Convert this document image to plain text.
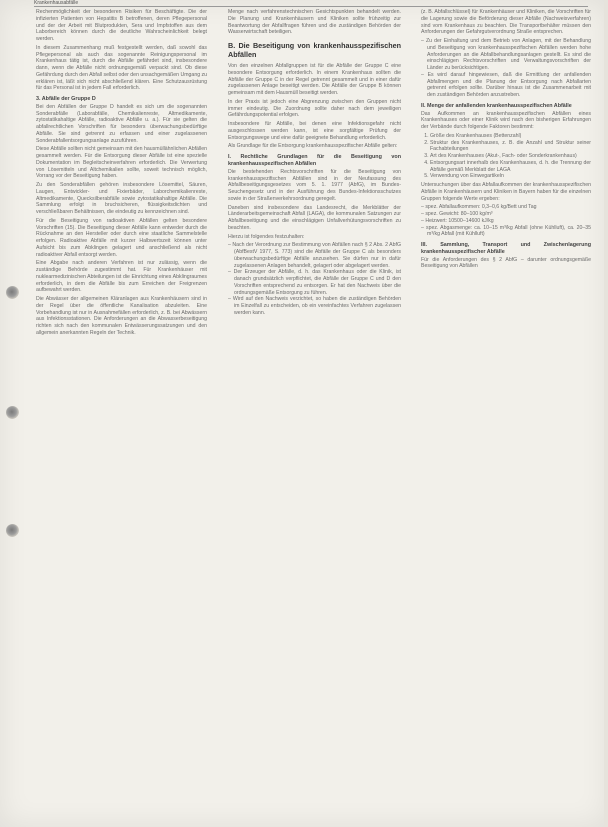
Krankenhausabfälle

Rechenmöglichkeit der besonderen Risiken für Beschäftigte. Die der infizierten Patienten von Hepatitis B betroffenen, deren Pflegepersonal und der der Arbeit mit Blutprodukten, Sera und Impfstoffen aus dem Laborbereich können durch die deutliche Wahrscheinlichkeit belegt werden.

In diesem Zusammenhang muß festgestellt werden, daß sowohl das Pflegepersonal als auch das sogenannte Reinigungspersonal im Krankenhaus tätig ist, durch die Abfälle gefährdet sind, insbesondere dann, wenn die Abfälle nicht ordnungsgemäß verpackt sind. Ob diese Gefährdung durch den Abfall selbst oder den unsachgemäßen Umgang zu erklären ist, läßt sich nicht abschließend klären. Eine Schutzausrüstung für das Personal ist in jedem Fall erforderlich.

3. Abfälle der Gruppe D

Bei den Abfällen der Gruppe D handelt es sich um die sogenannten Sonderabfälle (Laborabfälle, Chemikalienreste, Altmedikamente, zytostatikahaltige Abfälle, radioaktive Abfälle u. a.). Für sie gelten die abfallrechtlichen Vorschriften für besonders überwachungsbedürftige Abfälle. Sie sind getrennt zu erfassen und einer zugelassenen Sonderabfallentsorgungsanlage zuzuführen.

Diese Abfälle sollten nicht gemeinsam mit den hausmüllähnlichen Abfällen gesammelt werden. Für die Entsorgung dieser Abfälle ist eine spezielle Dokumentation im Begleitscheinverfahren erforderlich. Die Verwertung von Lösemitteln und Altchemikalien sollte, soweit technisch möglich, Vorrang vor der Beseitigung haben.

Zu den Sonderabfällen gehören insbesondere Lösemittel, Säuren, Laugen, Entwickler- und Fixierbäder, Laborchemikalienreste, Altmedikamente, Quecksilberabfälle sowie zytostatikahaltige Abfälle. Die Sammlung erfolgt in bruchsicheren, flüssigkeitsdichten und verschließbaren Behältnissen, die eindeutig zu kennzeichnen sind.

Für die Beseitigung von radioaktiven Abfällen gelten besondere Vorschriften (15). Die Beseitigung dieser Abfälle kann entweder durch die Rücknahme an den Hersteller oder durch eine staatliche Sammelstelle erfolgen. Radioaktive Abfälle mit kurzer Halbwertszeit können unter Aufsicht bis zum Abklingen gelagert und anschließend als nicht radioaktiver Abfall entsorgt werden.

Eine Abgabe nach anderen Verfahren ist nur zulässig, wenn die zuständige Behörde zugestimmt hat. Für Krankenhäuser mit nuklearmedizinischen Abteilungen ist die Einrichtung eines Abklingraumes erforderlich, in dem die Abfälle bis zum Erreichen der Freigrenzen aufbewahrt werden.

Die Abwässer der allgemeinen Kläranlagen aus Krankenhäusern sind in der Regel über die öffentliche Kanalisation abzuleiten. Eine Vorbehandlung ist nur in Ausnahmefällen erforderlich, z. B. bei Abwässern aus Infektionsstationen. Die Anforderungen an die Abwasserbeseitigung richten sich nach den kommunalen Entwässerungssatzungen und den allgemein anerkannten Regeln der Technik.

Menge nach verfahrenstechnischen Gesichtspunkten behandelt werden. Die Planung und Krankenhäusern und Kliniken sollte frühzeitig zur Beantwortung der Abfallfragen führen und die zuständigen Behörden der Wasserwirtschaft beteiligen.

B. Die Beseitigung von krankenhausspezifischen Abfällen

Von den einzelnen Abfallgruppen ist für die Abfälle der Gruppe C eine besondere Entsorgung erforderlich. In einem Krankenhaus sollten die Abfälle der Gruppe C in der Regel getrennt gesammelt und in einer dafür zugelassenen Anlage beseitigt werden. Die Abfälle der Gruppe B können gemeinsam mit dem Hausmüll beseitigt werden.

In der Praxis ist jedoch eine Abgrenzung zwischen den Gruppen nicht immer eindeutig. Die Zuordnung sollte daher nach dem jeweiligen Gefährdungspotential erfolgen.

Insbesondere für Abfälle, bei denen eine Infektionsgefahr nicht ausgeschlossen werden kann, ist eine sorgfältige Prüfung der Entsorgungswege und eine dafür geeignete Behandlung erforderlich.

Als Grundlage für die Entsorgung krankenhausspezifischer Abfälle gelten:

I. Rechtliche Grundlagen für die Beseitigung von krankenhausspezifischen Abfällen

Die bestehenden Rechtsvorschriften für die Beseitigung von krankenhausspezifischen Abfällen sind in der Neufassung des Abfallbeseitigungsgesetzes vom 5. 1. 1977 (AbfG), im Bundes-Seuchengesetz und in der Ausführung des Bundes-Infektionsschutzes sowie in der Straßenverkehrsordnung geregelt.

Daneben sind insbesondere das Landesrecht, die Merkblätter der Länderarbeitsgemeinschaft Abfall (LAGA), die kommunalen Satzungen zur Abfallbeseitigung und die einschlägigen Unfallverhütungsvorschriften zu beachten.

Hierzu ist folgendes festzuhalten:

– Nach der Verordnung zur Bestimmung von Abfällen nach § 2 Abs. 2 AbfG (AbfBestV 1977, S. 773) sind die Abfälle der Gruppe C als besonders überwachungsbedürftige Abfälle anzusehen. Sie dürfen nur in dafür zugelassenen Anlagen behandelt, gelagert oder abgelagert werden.
– Der Erzeuger der Abfälle, d. h. das Krankenhaus oder die Klinik, ist danach grundsätzlich verpflichtet, die Abfälle der Gruppe C und D den Vorschriften entsprechend zu entsorgen. Er hat den Nachweis über die ordnungsgemäße Entsorgung zu führen.
– Wird auf den Nachweis verzichtet, so haben die zuständigen Behörden im Einzelfall zu entscheiden, ob ein vereinfachtes Verfahren zugelassen werden kann.

(z. B. Abfallschlüssel) für Krankenhäuser und Kliniken, die Vorschriften für die Lagerung sowie die Beförderung dieser Abfälle (Nachweisverfahren) sind vom Krankenhaus zu beachten. Die Transportbehälter müssen den Anforderungen der Gefahrgutverordnung Straße entsprechen.

– Zu der Einhaltung und dem Betrieb von Anlagen, mit der Behandlung und Beseitigung von krankenhausspezifischen Abfällen werden hohe Anforderungen an die Abfallbehandlungsanlagen gestellt. Es sind die einschlägigen Rechtsvorschriften und Verwaltungsvorschriften der Länder zu berücksichtigen.
– Es wird darauf hingewiesen, daß die Ermittlung der anfallenden Abfallmengen und die Planung der Entsorgung nach Abfallarten getrennt erfolgen sollte. Darüber hinaus ist die Zusammenarbeit mit den zuständigen Behörden anzustreben.
II. Menge der anfallenden krankenhausspezifischen Abfälle

Das Aufkommen an krankenhausspezifischen Abfällen eines Krankenhauses oder einer Klinik wird nach den bisherigen Erfahrungen der Verbände durch folgende Faktoren bestimmt:

1. Größe des Krankenhauses (Bettenzahl)
2. Struktur des Krankenhauses, z. B. die Anzahl und Struktur seiner Fachabteilungen
3. Art des Krankenhauses (Akut-, Fach- oder Sonderkrankenhaus)
4. Entsorgungsart innerhalb des Krankenhauses, d. h. die Trennung der Abfälle gemäß Merkblatt der LAGA
5. Verwendung von Einwegartikeln

Untersuchungen über das Abfallaufkommen der krankenhausspezifischen Abfälle in Krankenhäusern und Kliniken in Bayern haben für die einzelnen Gruppen folgende Werte ergeben:

– spez. Abfallaufkommen: 0,3–0,6 kg/Bett und Tag
– spez. Gewicht: 80–100 kg/m³
– Heizwert: 10500–14600 kJ/kg
– spez. Abgasmenge: ca. 10–15 m³/kg Abfall (ohne Kühlluft), ca. 20–35 m³/kg Abfall (mit Kühlluft)
III. Sammlung, Transport und Zwischenlagerung krankenhausspezifischer Abfälle

Für die Anforderungen des § 2 AbfG – darunter ordnungsgemäße Beseitigung von Abfällen
